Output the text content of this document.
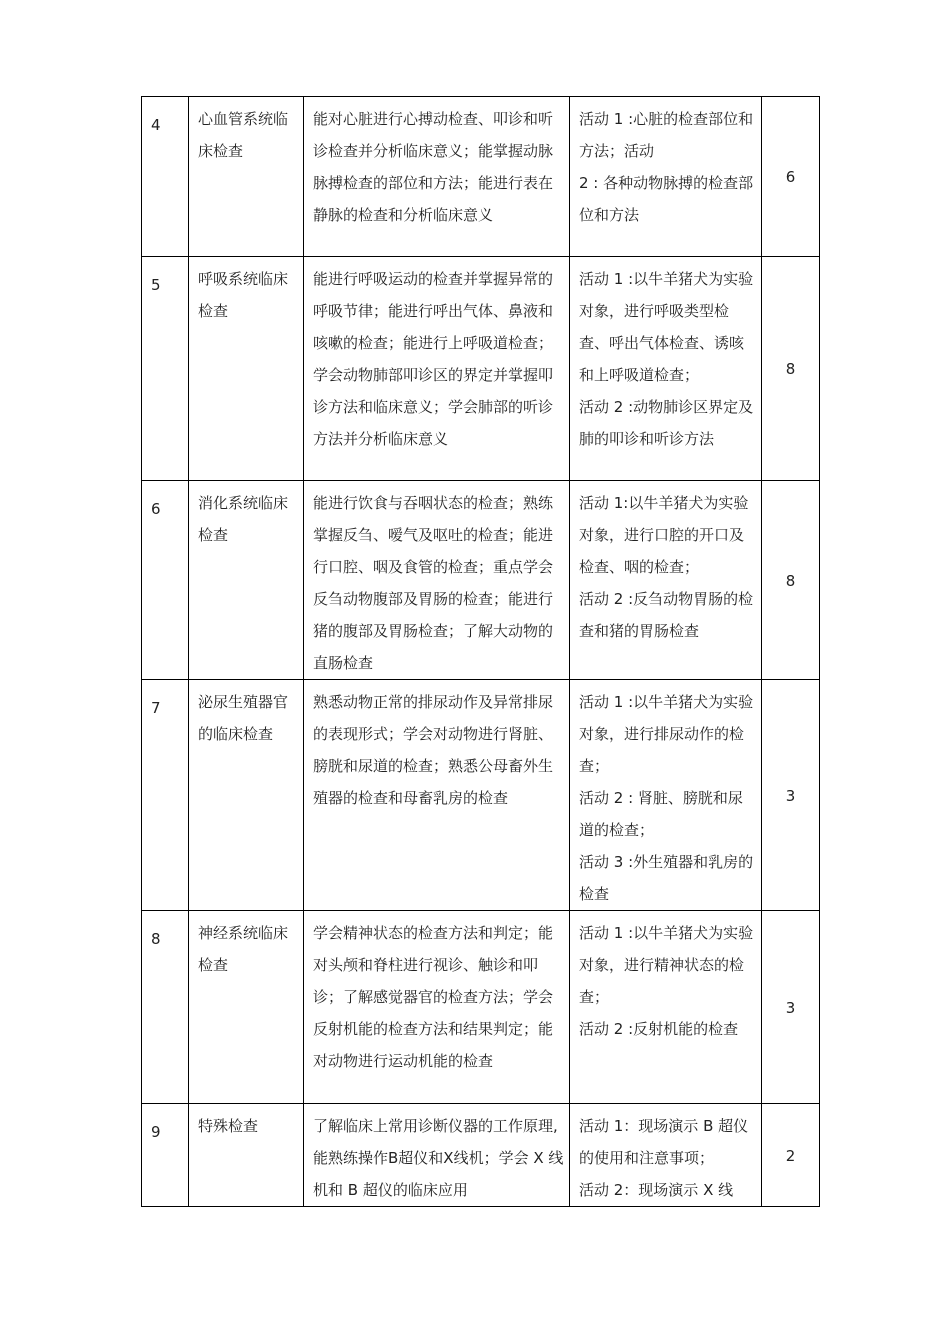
4	心血管系统临床检查	能对心脏进行心搏动检查、叩诊和听诊检查并分析临床意义；能掌握动脉脉搏检查的部位和方法；能进行表在静脉的检查和分析临床意义	活动 1 :心脏的检查部位和方法；活动
2 : 各种动物脉搏的检查部位和方法	6

5	呼吸系统临床检查	能进行呼吸运动的检查并掌握异常的呼吸节律；能进行呼出气体、鼻液和咳嗽的检查；能进行上呼吸道检查；学会动物肺部叩诊区的界定并掌握叩诊方法和临床意义；学会肺部的听诊方法并分析临床意义	活动 1 :以牛羊猪犬为实验对象，进行呼吸类型检查、呼出气体检查、诱咳和上呼吸道检查；
活动 2 :动物肺诊区界定及肺的叩诊和听诊方法	8

6	消化系统临床检查	能进行饮食与吞咽状态的检查；熟练掌握反刍、嗳气及呕吐的检查；能进行口腔、咽及食管的检查；重点学会反刍动物腹部及胃肠的检查；能进行猪的腹部及胃肠检查；了解大动物的直肠检查	活动 1:以牛羊猪犬为实验对象，进行口腔的开口及检查、咽的检查；
活动 2 :反刍动物胃肠的检查和猪的胃肠检查	8

7	泌尿生殖器官的临床检查	熟悉动物正常的排尿动作及异常排尿的表现形式；学会对动物进行肾脏、膀胱和尿道的检查；熟悉公母畜外生殖器的检查和母畜乳房的检查	活动 1 :以牛羊猪犬为实验对象，进行排尿动作的检查；
活动 2 : 肾脏、膀胱和尿道的检查；
活动 3 :外生殖器和乳房的检查	3

8	神经系统临床检查	学会精神状态的检查方法和判定；能对头颅和脊柱进行视诊、触诊和叩诊；了解感觉器官的检查方法；学会反射机能的检查方法和结果判定；能对动物进行运动机能的检查	活动 1 :以牛羊猪犬为实验对象，进行精神状态的检查；
活动 2 :反射机能的检查	3

9	特殊检查	了解临床上常用诊断仪器的工作原理,能熟练操作B超仪和X线机；学会 X 线机和 B 超仪的临床应用	活动 1：现场演示 B 超仪的使用和注意事项；
活动 2：现场演示 X 线	2
